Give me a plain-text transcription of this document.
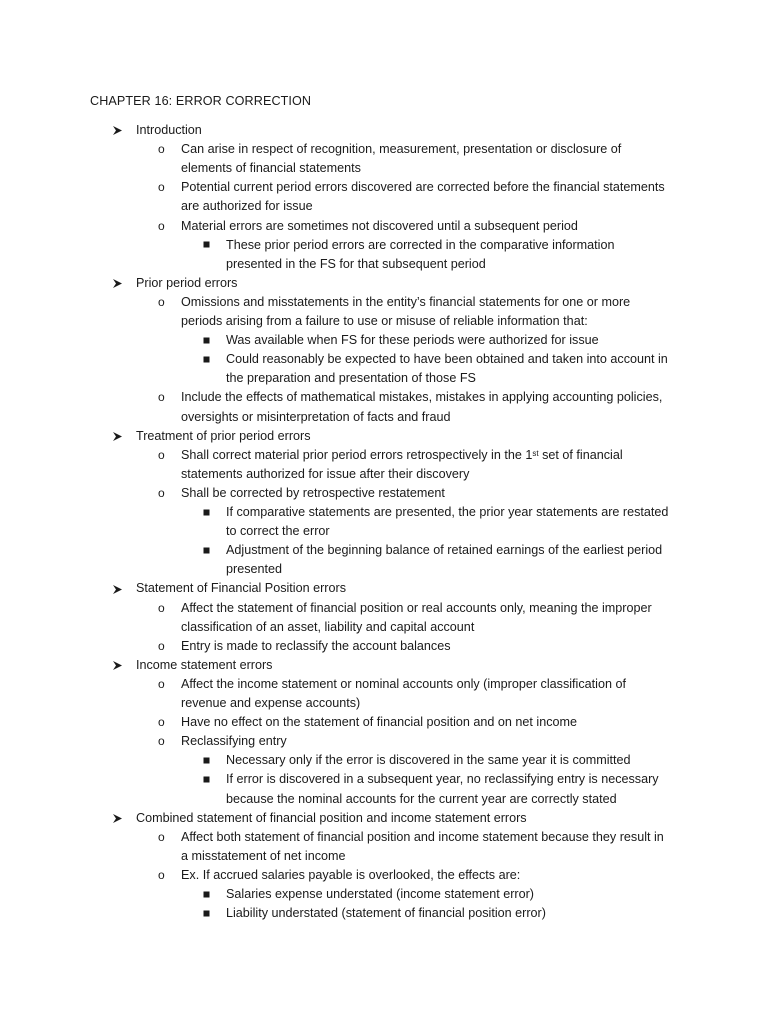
CHAPTER 16: ERROR CORRECTION
Introduction
o Can arise in respect of recognition, measurement, presentation or disclosure of
elements of financial statements
o Potential current period errors discovered are corrected before the financial statements
are authorized for issue
o Material errors are sometimes not discovered until a subsequent period
These prior period errors are corrected in the comparative information
presented in the FS for that subsequent period
Prior period errors
o Omissions and misstatements in the entity’s financial statements for one or more
periods arising from a failure to use or misuse of reliable information that:
Was available when FS for these periods were authorized for issue
Could reasonably be expected to have been obtained and taken into account in
the preparation and presentation of those FS
o Include the effects of mathematical mistakes, mistakes in applying accounting policies,
oversights or misinterpretation of facts and fraud
Treatment of prior period errors
o Shall correct material prior period errors retrospectively in the 1st set of financial
statements authorized for issue after their discovery
o Shall be corrected by retrospective restatement
If comparative statements are presented, the prior year statements are restated
to correct the error
Adjustment of the beginning balance of retained earnings of the earliest period
presented
Statement of Financial Position errors
o Affect the statement of financial position or real accounts only, meaning the improper
classification of an asset, liability and capital account
o Entry is made to reclassify the account balances
Income statement errors
o Affect the income statement or nominal accounts only (improper classification of
revenue and expense accounts)
o Have no effect on the statement of financial position and on net income
o Reclassifying entry
Necessary only if the error is discovered in the same year it is committed
If error is discovered in a subsequent year, no reclassifying entry is necessary
because the nominal accounts for the current year are correctly stated
Combined statement of financial position and income statement errors
o Affect both statement of financial position and income statement because they result in
a misstatement of net income
o Ex. If accrued salaries payable is overlooked, the effects are:
Salaries expense understated (income statement error)
Liability understated (statement of financial position error)
